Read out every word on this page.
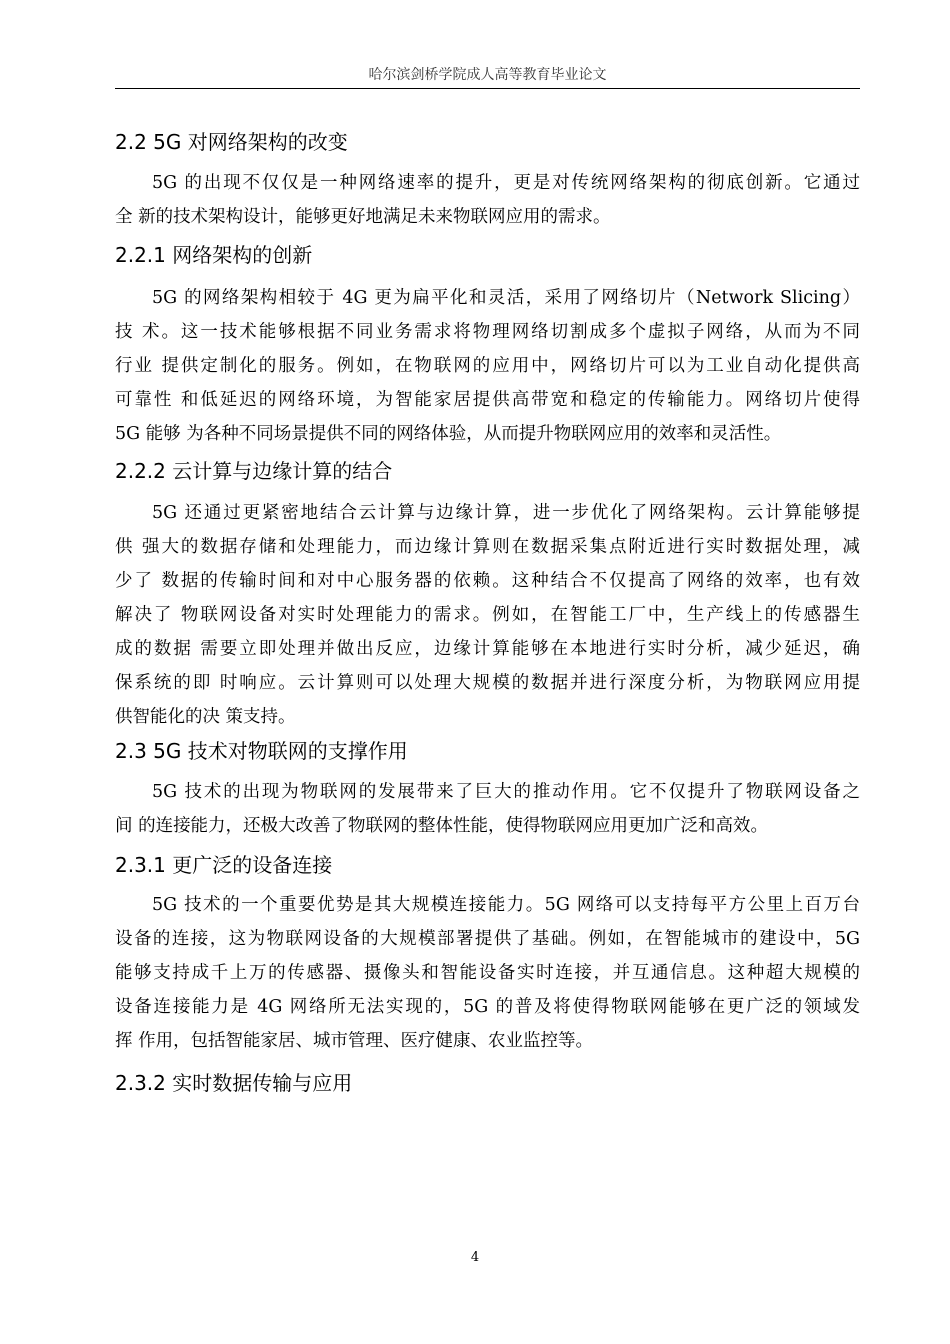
哈尔滨剑桥学院成人高等教育毕业论文
2.2 5G 对网络架构的改变
5G 的出现不仅仅是一种网络速率的提升，更是对传统网络架构的彻底创新。它通过
全 新的技术架构设计，能够更好地满足未来物联网应用的需求。
2.2.1 网络架构的创新
5G 的网络架构相较于 4G 更为扁平化和灵活，采用了网络切片（Network Slicing）
技 术。这一技术能够根据不同业务需求将物理网络切割成多个虚拟子网络，从而为不同
行业 提供定制化的服务。例如，在物联网的应用中，网络切片可以为工业自动化提供高
可靠性 和低延迟的网络环境，为智能家居提供高带宽和稳定的传输能力。网络切片使得
5G 能够 为各种不同场景提供不同的网络体验，从而提升物联网应用的效率和灵活性。
2.2.2 云计算与边缘计算的结合
5G 还通过更紧密地结合云计算与边缘计算，进一步优化了网络架构。云计算能够提
供 强大的数据存储和处理能力，而边缘计算则在数据采集点附近进行实时数据处理，减
少了 数据的传输时间和对中心服务器的依赖。这种结合不仅提高了网络的效率，也有效
解决了 物联网设备对实时处理能力的需求。例如，在智能工厂中，生产线上的传感器生
成的数据 需要立即处理并做出反应，边缘计算能够在本地进行实时分析，减少延迟，确
保系统的即 时响应。云计算则可以处理大规模的数据并进行深度分析，为物联网应用提
供智能化的决 策支持。
2.3 5G 技术对物联网的支撑作用
5G 技术的出现为物联网的发展带来了巨大的推动作用。它不仅提升了物联网设备之
间 的连接能力，还极大改善了物联网的整体性能，使得物联网应用更加广泛和高效。
2.3.1 更广泛的设备连接
5G 技术的一个重要优势是其大规模连接能力。5G 网络可以支持每平方公里上百万台
设备的连接，这为物联网设备的大规模部署提供了基础。例如，在智能城市的建设中，5G
能够支持成千上万的传感器、摄像头和智能设备实时连接，并互通信息。这种超大规模的
设备连接能力是 4G 网络所无法实现的，5G 的普及将使得物联网能够在更广泛的领域发
挥 作用，包括智能家居、城市管理、医疗健康、农业监控等。
2.3.2 实时数据传输与应用
4
